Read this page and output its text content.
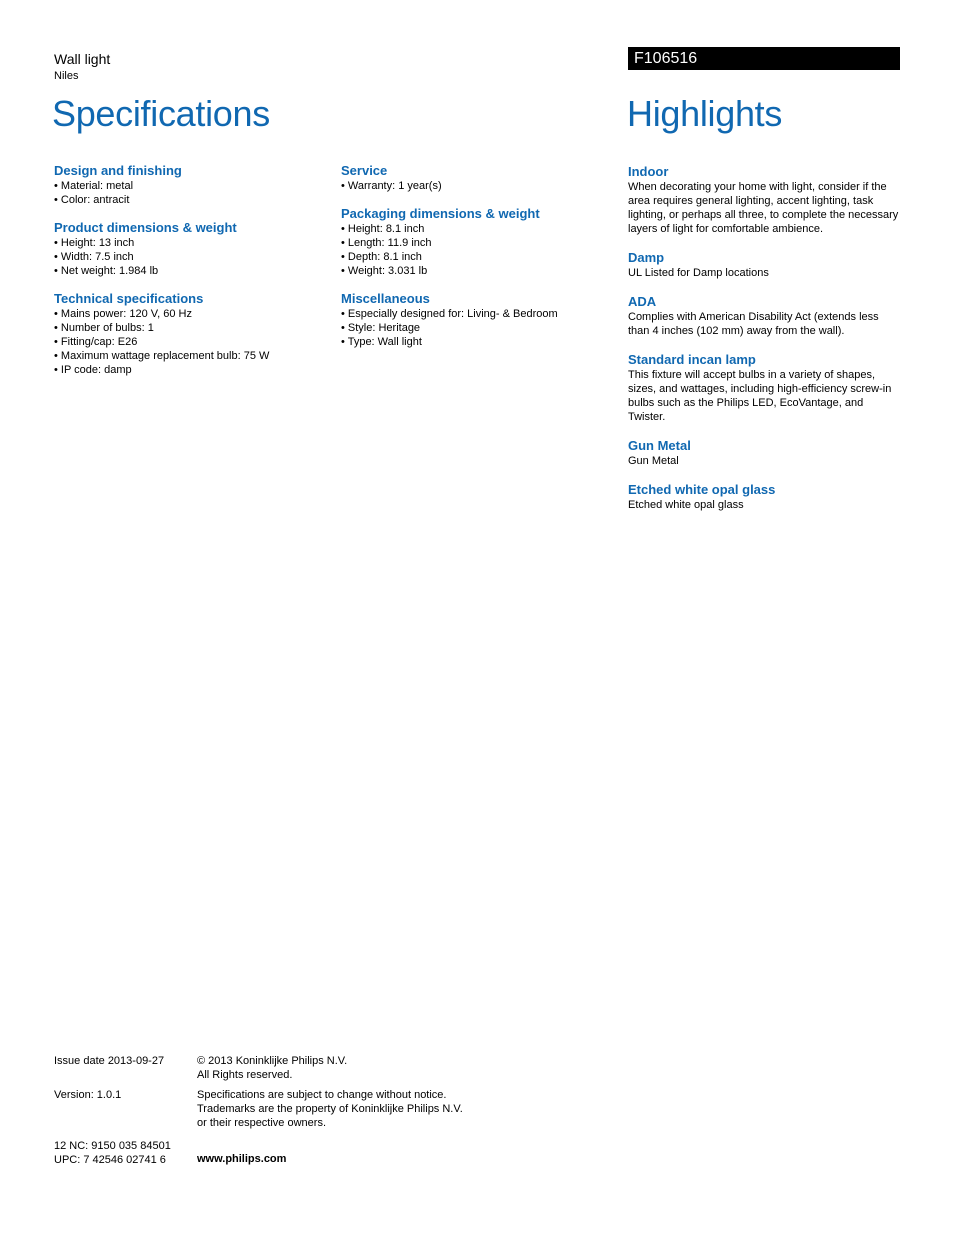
Wall light
Niles
Specifications
F106516
Highlights
Design and finishing
• Material: metal
• Color: antracit
Product dimensions & weight
• Height: 13 inch
• Width: 7.5 inch
• Net weight: 1.984 lb
Technical specifications
• Mains power: 120 V, 60 Hz
• Number of bulbs: 1
• Fitting/cap: E26
• Maximum wattage replacement bulb: 75 W
• IP code: damp
Service
• Warranty: 1 year(s)
Packaging dimensions & weight
• Height: 8.1 inch
• Length: 11.9 inch
• Depth: 8.1 inch
• Weight: 3.031 lb
Miscellaneous
• Especially designed for: Living- & Bedroom
• Style: Heritage
• Type: Wall light
Indoor
When decorating your home with light, consider if the area requires general lighting, accent lighting, task lighting, or perhaps all three, to complete the necessary layers of light for comfortable ambience.
Damp
UL Listed for Damp locations
ADA
Complies with American Disability Act (extends less than 4 inches (102 mm) away from the wall).
Standard incan lamp
This fixture will accept bulbs in a variety of shapes, sizes, and wattages, including high-efficiency screw-in bulbs such as the Philips LED, EcoVantage, and Twister.
Gun Metal
Gun Metal
Etched white opal glass
Etched white opal glass
Issue date 2013-09-27	© 2013 Koninklijke Philips N.V.
All Rights reserved.
Version: 1.0.1	Specifications are subject to change without notice.
Trademarks are the property of Koninklijke Philips N.V.
or their respective owners.
12 NC: 9150 035 84501
UPC: 7 42546 02741 6	www.philips.com
